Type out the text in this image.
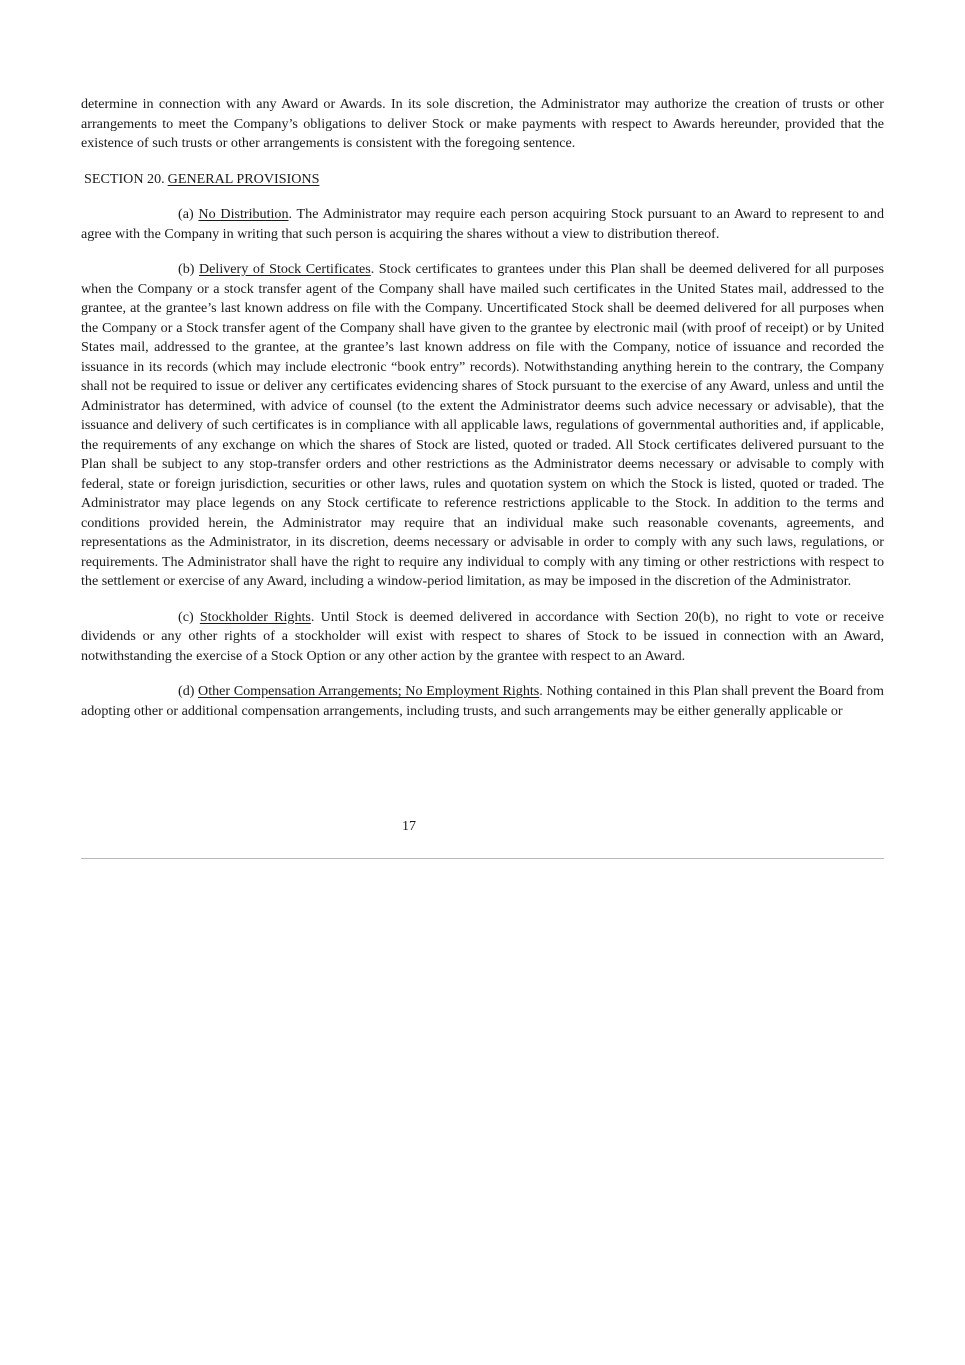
determine in connection with any Award or Awards. In its sole discretion, the Administrator may authorize the creation of trusts or other arrangements to meet the Company’s obligations to deliver Stock or make payments with respect to Awards hereunder, provided that the existence of such trusts or other arrangements is consistent with the foregoing sentence.

SECTION 20. GENERAL PROVISIONS

(a) No Distribution. The Administrator may require each person acquiring Stock pursuant to an Award to represent to and agree with the Company in writing that such person is acquiring the shares without a view to distribution thereof.

(b) Delivery of Stock Certificates. Stock certificates to grantees under this Plan shall be deemed delivered for all purposes when the Company or a stock transfer agent of the Company shall have mailed such certificates in the United States mail, addressed to the grantee, at the grantee’s last known address on file with the Company. Uncertificated Stock shall be deemed delivered for all purposes when the Company or a Stock transfer agent of the Company shall have given to the grantee by electronic mail (with proof of receipt) or by United States mail, addressed to the grantee, at the grantee’s last known address on file with the Company, notice of issuance and recorded the issuance in its records (which may include electronic “book entry” records). Notwithstanding anything herein to the contrary, the Company shall not be required to issue or deliver any certificates evidencing shares of Stock pursuant to the exercise of any Award, unless and until the Administrator has determined, with advice of counsel (to the extent the Administrator deems such advice necessary or advisable), that the issuance and delivery of such certificates is in compliance with all applicable laws, regulations of governmental authorities and, if applicable, the requirements of any exchange on which the shares of Stock are listed, quoted or traded. All Stock certificates delivered pursuant to the Plan shall be subject to any stop-transfer orders and other restrictions as the Administrator deems necessary or advisable to comply with federal, state or foreign jurisdiction, securities or other laws, rules and quotation system on which the Stock is listed, quoted or traded. The Administrator may place legends on any Stock certificate to reference restrictions applicable to the Stock. In addition to the terms and conditions provided herein, the Administrator may require that an individual make such reasonable covenants, agreements, and representations as the Administrator, in its discretion, deems necessary or advisable in order to comply with any such laws, regulations, or requirements. The Administrator shall have the right to require any individual to comply with any timing or other restrictions with respect to the settlement or exercise of any Award, including a window-period limitation, as may be imposed in the discretion of the Administrator.

(c) Stockholder Rights. Until Stock is deemed delivered in accordance with Section 20(b), no right to vote or receive dividends or any other rights of a stockholder will exist with respect to shares of Stock to be issued in connection with an Award, notwithstanding the exercise of a Stock Option or any other action by the grantee with respect to an Award.

(d) Other Compensation Arrangements; No Employment Rights. Nothing contained in this Plan shall prevent the Board from adopting other or additional compensation arrangements, including trusts, and such arrangements may be either generally applicable or

17
